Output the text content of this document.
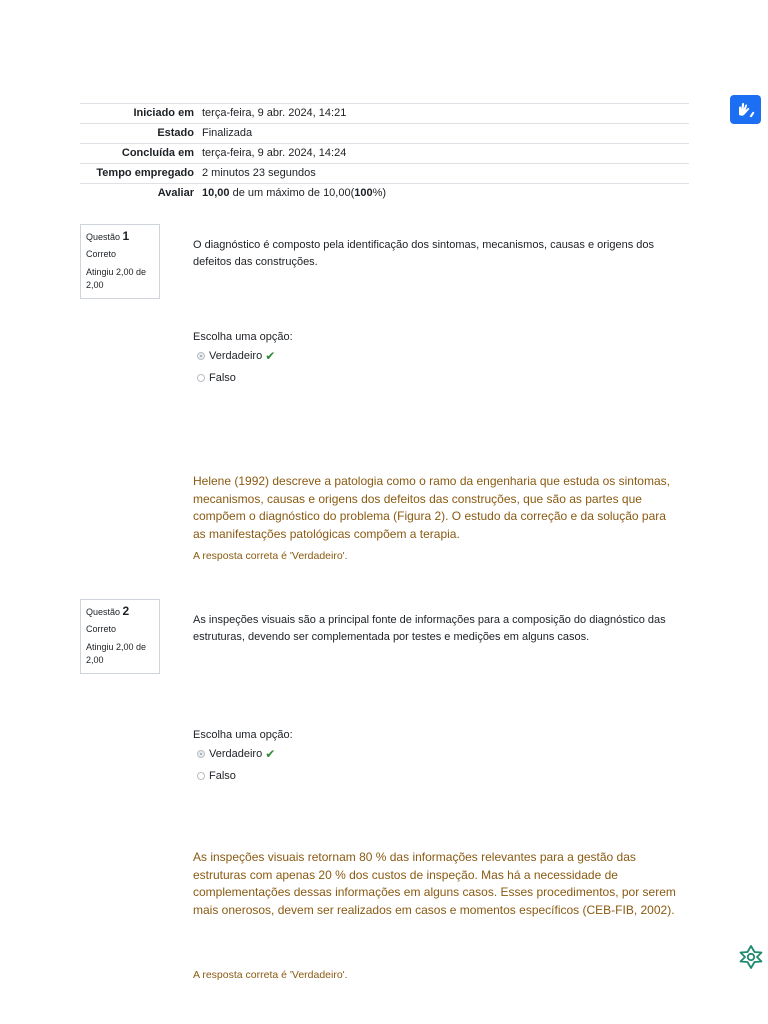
Iniciado em	terça-feira, 9 abr. 2024, 14:21
Estado	Finalizada
Concluída em	terça-feira, 9 abr. 2024, 14:24
Tempo empregado	2 minutos 23 segundos
Avaliar	10,00 de um máximo de 10,00(100%)
Questão 1
Correto
Atingiu 2,00 de 2,00
O diagnóstico é composto pela identificação dos sintomas, mecanismos, causas e origens dos defeitos das construções.
Escolha uma opção:
Verdadeiro ✔
Falso
Helene (1992) descreve a patologia como o ramo da engenharia que estuda os sintomas, mecanismos, causas e origens dos defeitos das construções, que são as partes que compõem o diagnóstico do problema (Figura 2). O estudo da correção e da solução para as manifestações patológicas compõem a terapia.
A resposta correta é 'Verdadeiro'.
Questão 2
Correto
Atingiu 2,00 de 2,00
As inspeções visuais são a principal fonte de informações para a composição do diagnóstico das estruturas, devendo ser complementada por testes e medições em alguns casos.
Escolha uma opção:
Verdadeiro ✔
Falso
As inspeções visuais retornam 80 % das informações relevantes para a gestão das estruturas com apenas 20 % dos custos de inspeção. Mas há a necessidade de complementações dessas informações em alguns casos. Esses procedimentos, por serem mais onerosos, devem ser realizados em casos e momentos específicos (CEB-FIB, 2002).
A resposta correta é 'Verdadeiro'.
